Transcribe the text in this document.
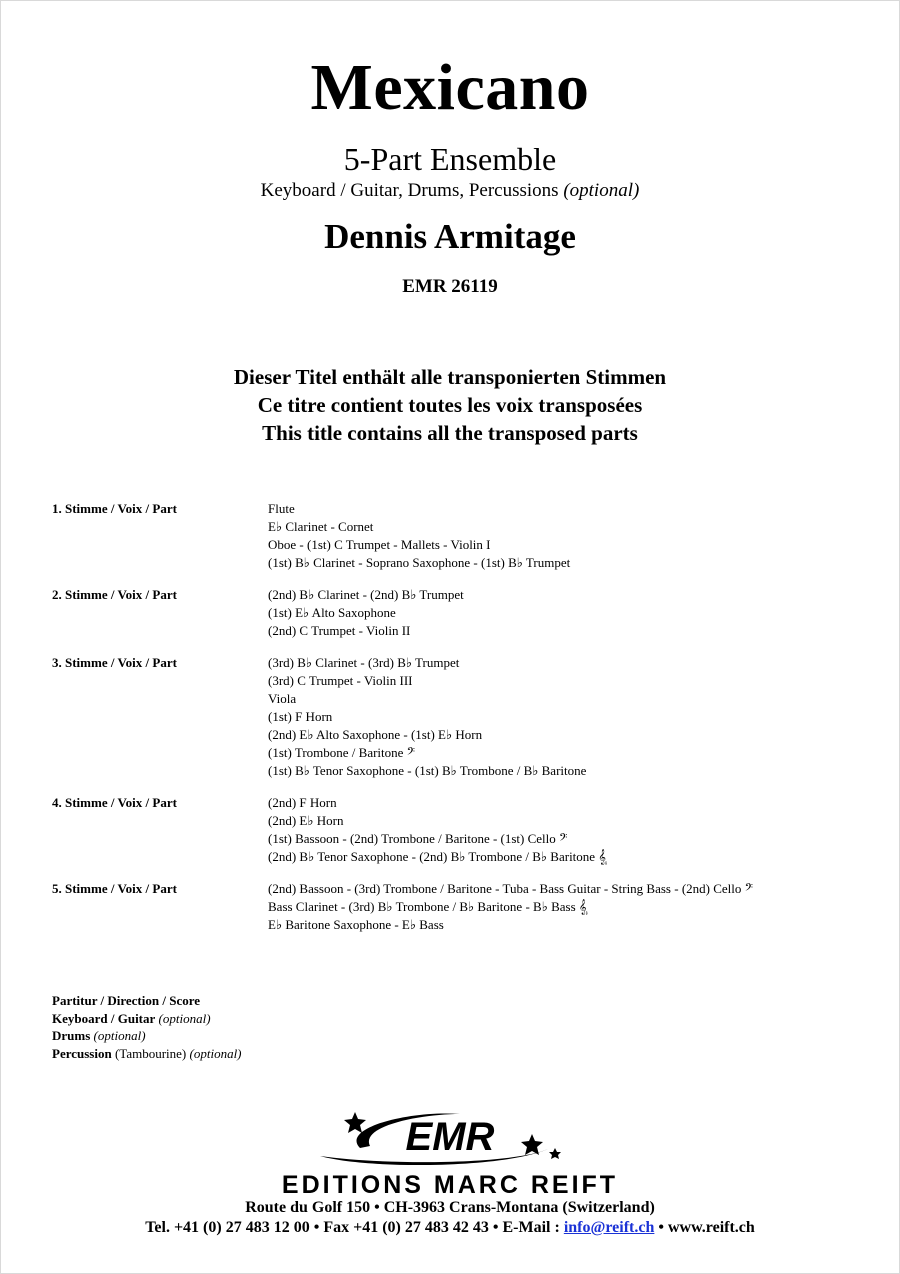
Mexicano
5-Part Ensemble
Keyboard / Guitar, Drums, Percussions (optional)
Dennis Armitage
EMR 26119
Dieser Titel enthält alle transponierten Stimmen
Ce titre contient toutes les voix transposées
This title contains all the transposed parts
1. Stimme / Voix / Part	Flute
E♭ Clarinet - Cornet
Oboe - (1st) C Trumpet - Mallets - Violin I
(1st) B♭ Clarinet - Soprano Saxophone - (1st) B♭ Trumpet
2. Stimme / Voix / Part	(2nd) B♭ Clarinet - (2nd) B♭ Trumpet
(1st) E♭ Alto Saxophone
(2nd) C Trumpet - Violin II
3. Stimme / Voix / Part	(3rd) B♭ Clarinet - (3rd) B♭ Trumpet
(3rd) C Trumpet - Violin III
Viola
(1st) F Horn
(2nd) E♭ Alto Saxophone - (1st) E♭ Horn
(1st) Trombone / Baritone 𝄢
(1st) B♭ Tenor Saxophone - (1st) B♭ Trombone / B♭ Baritone
4. Stimme / Voix / Part	(2nd) F Horn
(2nd) E♭ Horn
(1st) Bassoon - (2nd) Trombone / Baritone - (1st) Cello 𝄢
(2nd) B♭ Tenor Saxophone - (2nd) B♭ Trombone / B♭ Baritone 𝄠
5. Stimme / Voix / Part	(2nd) Bassoon - (3rd) Trombone / Baritone - Tuba - Bass Guitar - String Bass - (2nd) Cello 𝄢
Bass Clarinet - (3rd) B♭ Trombone / B♭ Baritone - B♭ Bass 𝄠
E♭ Baritone Saxophone - E♭ Bass
Partitur / Direction / Score
Keyboard / Guitar (optional)
Drums (optional)
Percussion (Tambourine) (optional)
EMR
EDITIONS MARC REIFT
Route du Golf 150 • CH-3963 Crans-Montana (Switzerland)
Tel. +41 (0) 27 483 12 00 • Fax +41 (0) 27 483 42 43 • E-Mail : info@reift.ch • www.reift.ch
